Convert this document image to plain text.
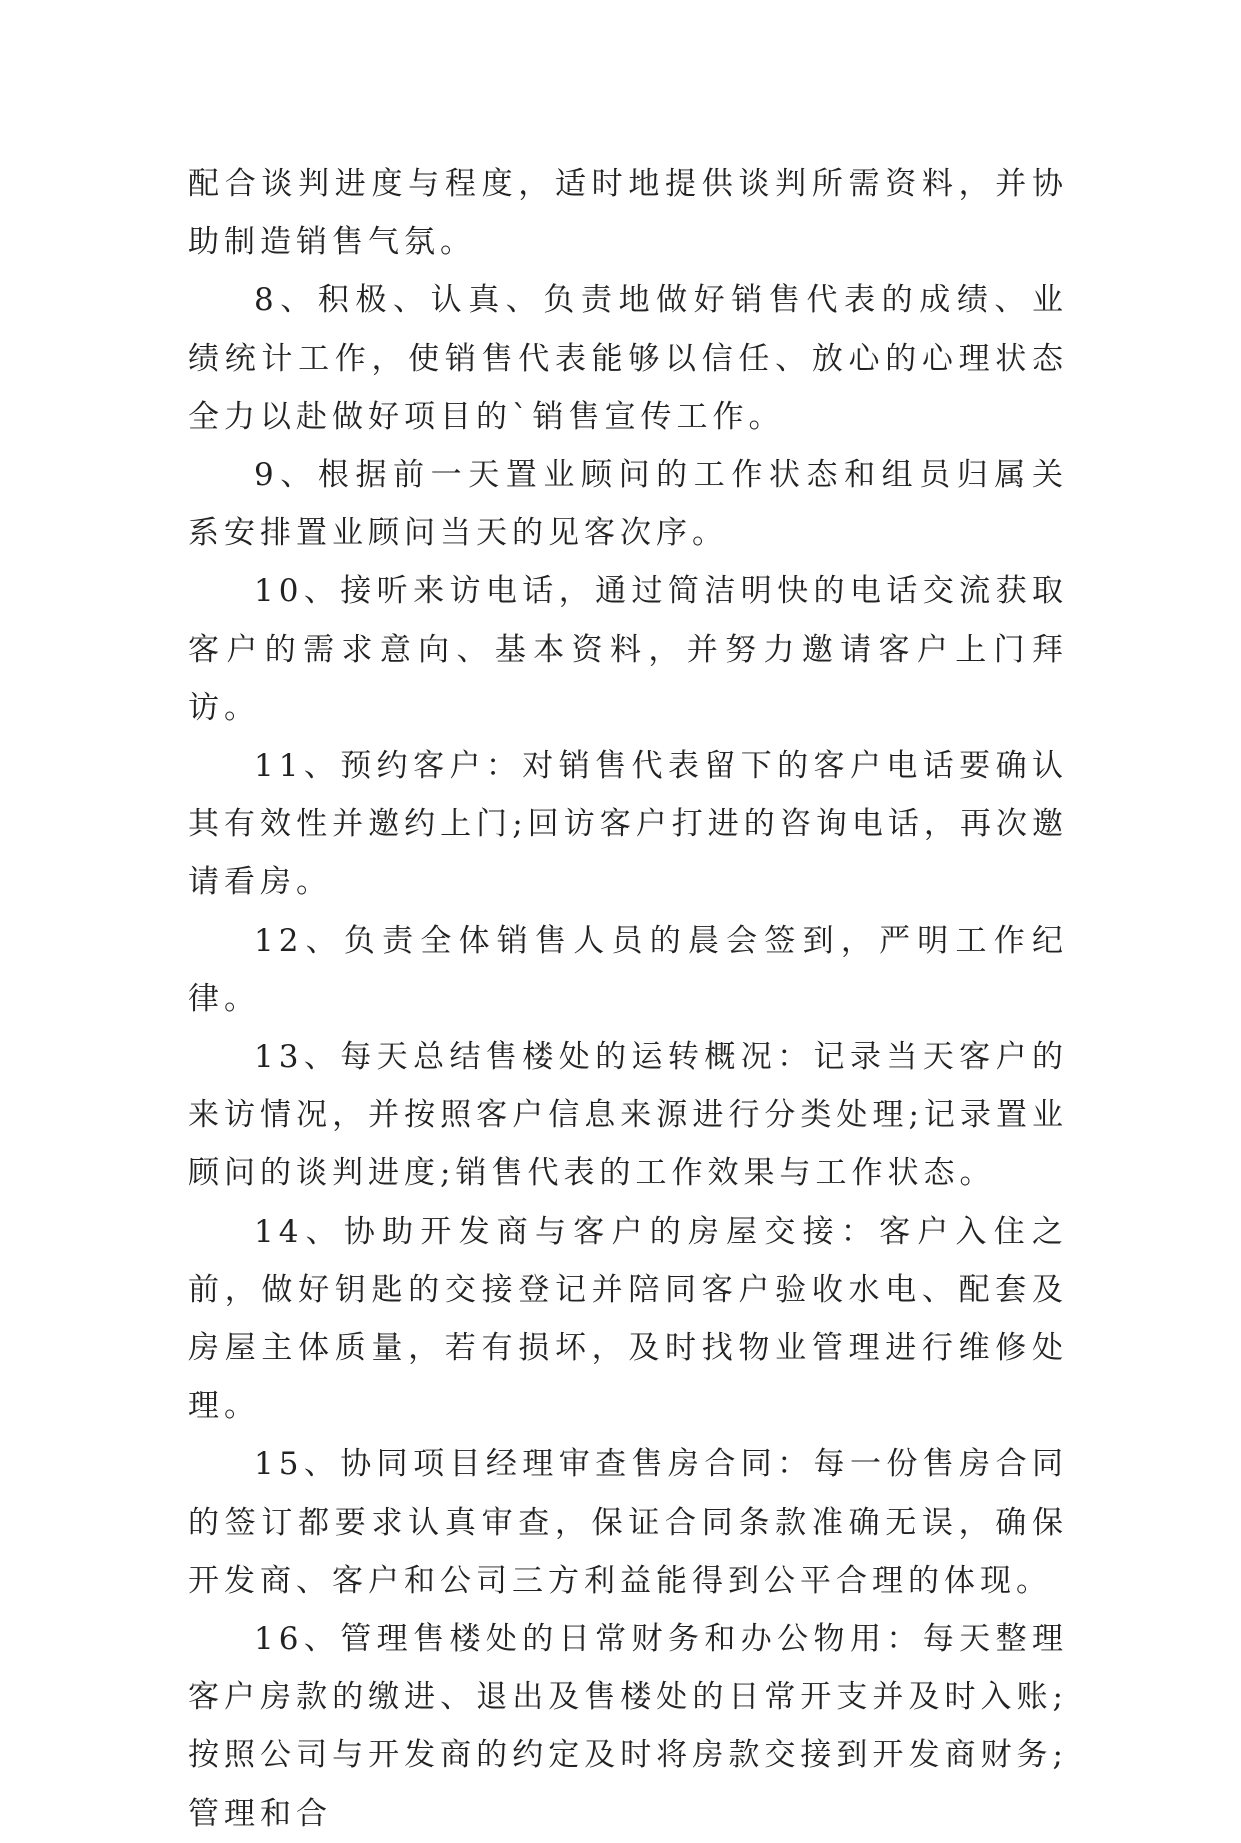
配合谈判进度与程度，适时地提供谈判所需资料，并协助制造销售气氛。

8、积极、认真、负责地做好销售代表的成绩、业绩统计工作，使销售代表能够以信任、放心的心理状态全力以赴做好项目的`销售宣传工作。

9、根据前一天置业顾问的工作状态和组员归属关系安排置业顾问当天的见客次序。

10、接听来访电话，通过简洁明快的电话交流获取客户的需求意向、基本资料，并努力邀请客户上门拜访。

11、预约客户：对销售代表留下的客户电话要确认其有效性并邀约上门;回访客户打进的咨询电话，再次邀请看房。

12、负责全体销售人员的晨会签到，严明工作纪律。

13、每天总结售楼处的运转概况：记录当天客户的来访情况，并按照客户信息来源进行分类处理;记录置业顾问的谈判进度;销售代表的工作效果与工作状态。

14、协助开发商与客户的房屋交接：客户入住之前，做好钥匙的交接登记并陪同客户验收水电、配套及房屋主体质量，若有损坏，及时找物业管理进行维修处理。

15、协同项目经理审查售房合同：每一份售房合同的签订都要求认真审查，保证合同条款准确无误，确保开发商、客户和公司三方利益能得到公平合理的体现。

16、管理售楼处的日常财务和办公物用：每天整理客户房款的缴进、退出及售楼处的日常开支并及时入账;按照公司与开发商的约定及时将房款交接到开发商财务;管理和合
